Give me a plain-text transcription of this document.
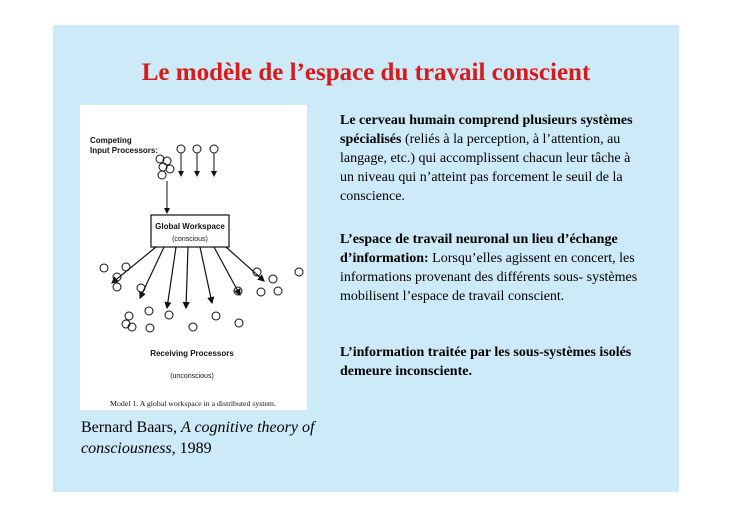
Le modèle de l’espace du travail conscient
Competing
Input Processors:
Global Workspace
(conscious)
Receiving Processors
(unconscious)
Model 1. A global workspace in a distributed system.
Le cerveau humain comprend plusieurs systèmes spécialisés (reliés à la perception, à l’attention, au langage, etc.) qui accomplissent chacun leur tâche à un niveau qui n’atteint pas forcement le seuil de la conscience.
L’espace de travail neuronal un lieu d’échange d’information: Lorsqu’elles agissent en concert, les informations provenant des différents sous- systèmes mobilisent l’espace de travail conscient.
L’information traitée par les sous-systèmes isolés demeure inconsciente.
Bernard Baars, A cognitive theory of consciousness, 1989
